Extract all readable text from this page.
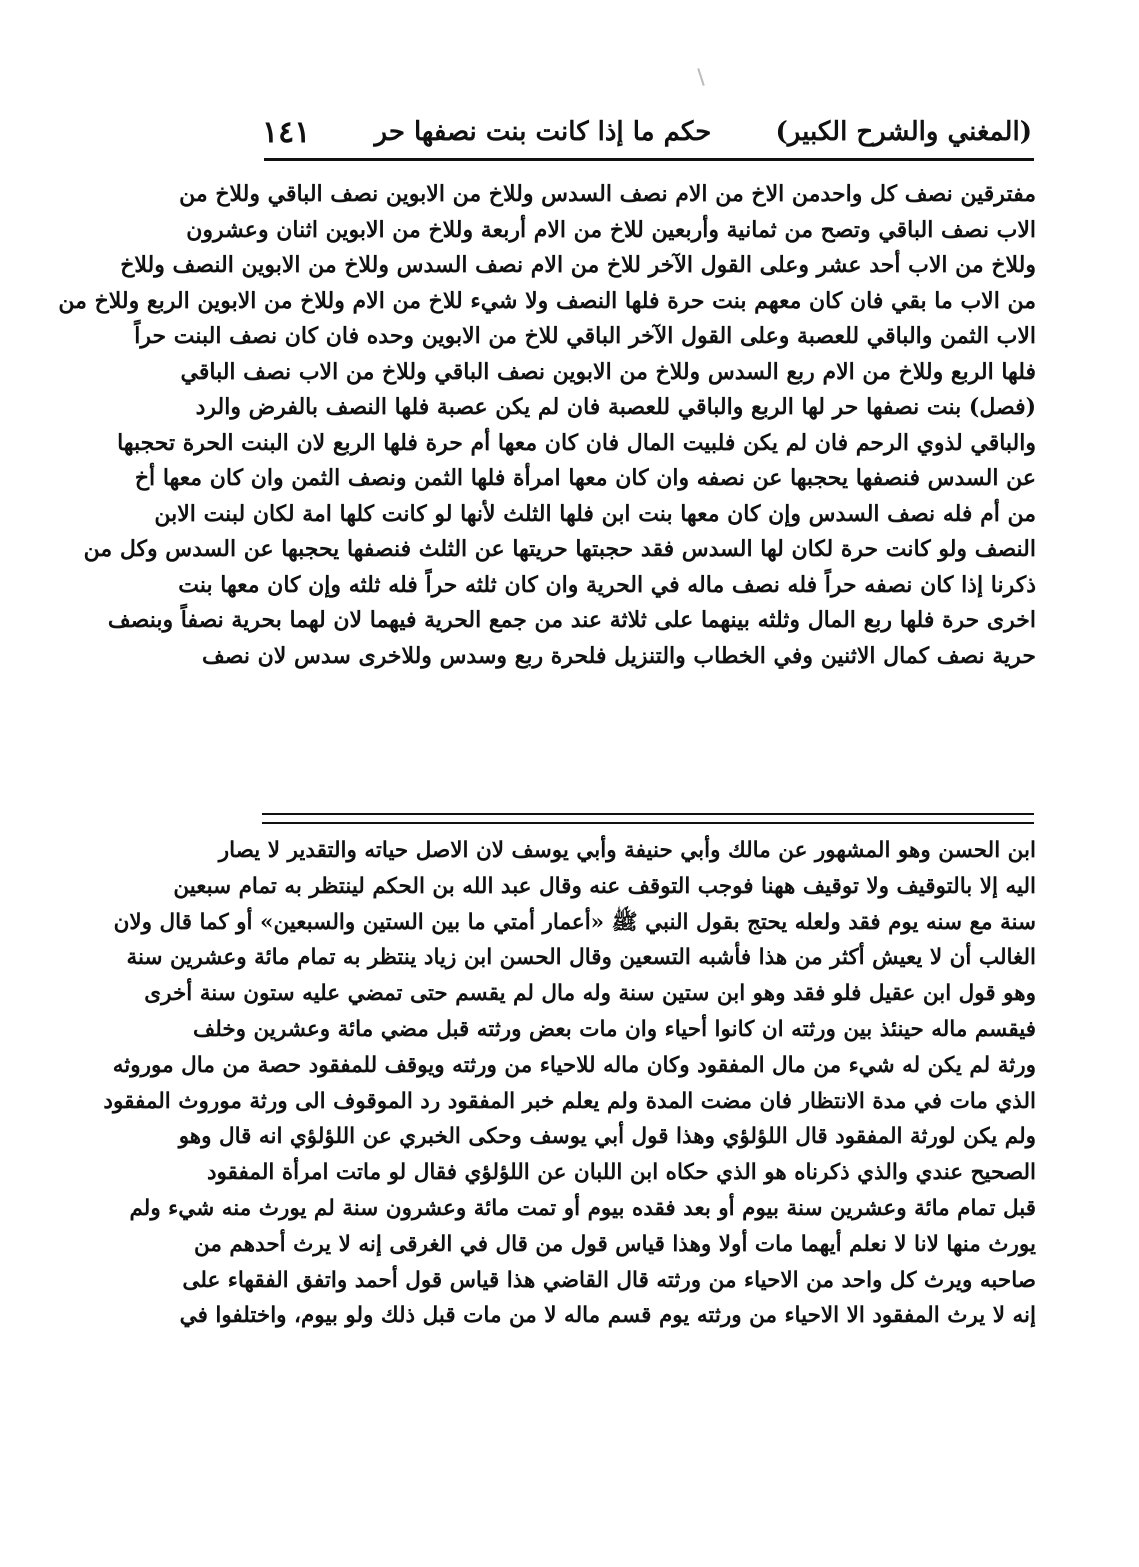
(المغني والشرح الكبير)
حكم ما إذا كانت بنت نصفها حر
١٤١
مفترقين نصف كل واحدمن الاخ من الام نصف السدس وللاخ من الابوين نصف الباقي وللاخ من
الاب نصف الباقي وتصح من ثمانية وأربعين للاخ من الام أربعة وللاخ من الابوين اثنان وعشرون
وللاخ من الاب أحد عشر وعلى القول الآخر للاخ من الام نصف السدس وللاخ من الابوين النصف وللاخ
من الاب ما بقي فان كان معهم بنت حرة فلها النصف ولا شيء للاخ من الام وللاخ من الابوين الربع وللاخ من
الاب الثمن والباقي للعصبة وعلى القول الآخر الباقي للاخ من الابوين وحده فان كان نصف البنت حراً
فلها الربع وللاخ من الام ربع السدس وللاخ من الابوين نصف الباقي وللاخ من الاب نصف الباقي
(فصل) بنت نصفها حر لها الربع والباقي للعصبة فان لم يكن عصبة فلها النصف بالفرض والرد
والباقي لذوي الرحم فان لم يكن فلبيت المال فان كان معها أم حرة فلها الربع لان البنت الحرة تحجبها
عن السدس فنصفها يحجبها عن نصفه وان كان معها امرأة فلها الثمن ونصف الثمن وان كان معها أخ
من أم فله نصف السدس وإن كان معها بنت ابن فلها الثلث لأنها لو كانت كلها امة لكان لبنت الابن
النصف ولو كانت حرة لكان لها السدس فقد حجبتها حريتها عن الثلث فنصفها يحجبها عن السدس وكل من
ذكرنا إذا كان نصفه حراً فله نصف ماله في الحرية وان كان ثلثه حراً فله ثلثه وإن كان معها بنت
اخرى حرة فلها ربع المال وثلثه بينهما على ثلاثة عند من جمع الحرية فيهما لان لهما بحرية نصفاً وبنصف
حرية نصف كمال الاثنين وفي الخطاب والتنزيل فلحرة ربع وسدس وللاخرى سدس لان نصف
ابن الحسن وهو المشهور عن مالك وأبي حنيفة وأبي يوسف لان الاصل حياته والتقدير لا يصار
اليه إلا بالتوقيف ولا توقيف ههنا فوجب التوقف عنه وقال عبد الله بن الحكم لينتظر به تمام سبعين
سنة مع سنه يوم فقد ولعله يحتج بقول النبي ﷺ «أعمار أمتي ما بين الستين والسبعين» أو كما قال ولان
الغالب أن لا يعيش أكثر من هذا فأشبه التسعين وقال الحسن ابن زياد ينتظر به تمام مائة وعشرين سنة
وهو قول ابن عقيل فلو فقد وهو ابن ستين سنة وله مال لم يقسم حتى تمضي عليه ستون سنة أخرى
فيقسم ماله حينئذ بين ورثته ان كانوا أحياء وان مات بعض ورثته قبل مضي مائة وعشرين وخلف
ورثة لم يكن له شيء من مال المفقود وكان ماله للاحياء من ورثته ويوقف للمفقود حصة من مال موروثه
الذي مات في مدة الانتظار فان مضت المدة ولم يعلم خبر المفقود رد الموقوف الى ورثة موروث المفقود
ولم يكن لورثة المفقود قال اللؤلؤي وهذا قول أبي يوسف وحكى الخبري عن اللؤلؤي انه قال وهو
الصحيح عندي والذي ذكرناه هو الذي حكاه ابن اللبان عن اللؤلؤي فقال لو ماتت امرأة المفقود
قبل تمام مائة وعشرين سنة بيوم أو بعد فقده بيوم أو تمت مائة وعشرون سنة لم يورث منه شيء ولم
يورث منها لانا لا نعلم أيهما مات أولا وهذا قياس قول من قال في الغرقى إنه لا يرث أحدهم من
صاحبه ويرث كل واحد من الاحياء من ورثته قال القاضي هذا قياس قول أحمد واتفق الفقهاء على
إنه لا يرث المفقود الا الاحياء من ورثته يوم قسم ماله لا من مات قبل ذلك ولو بيوم، واختلفوا في
